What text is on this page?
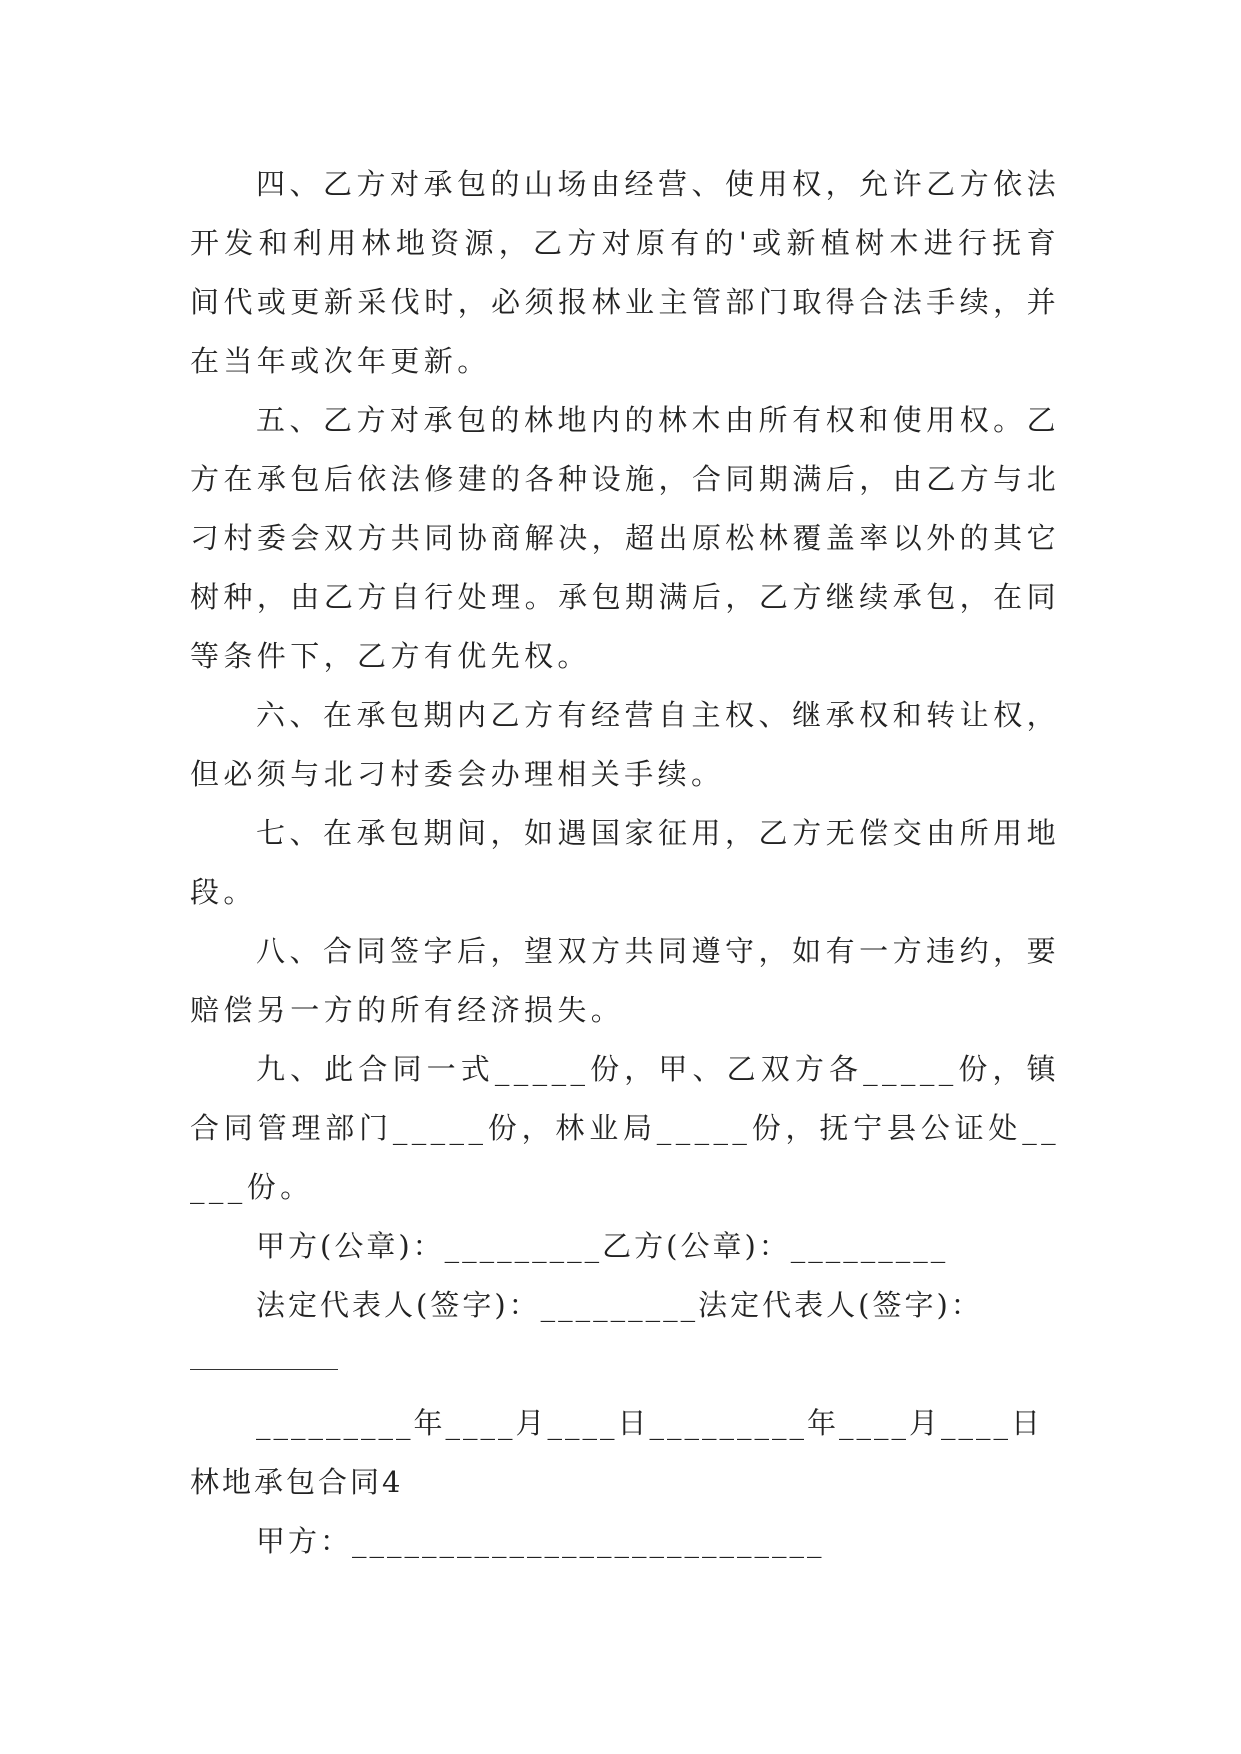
四、乙方对承包的山场由经营、使用权，允许乙方依法开发和利用林地资源，乙方对原有的'或新植树木进行抚育间代或更新采伐时，必须报林业主管部门取得合法手续，并在当年或次年更新。

五、乙方对承包的林地内的林木由所有权和使用权。乙方在承包后依法修建的各种设施，合同期满后，由乙方与北刁村委会双方共同协商解决，超出原松林覆盖率以外的其它树种，由乙方自行处理。承包期满后，乙方继续承包，在同等条件下，乙方有优先权。

六、在承包期内乙方有经营自主权、继承权和转让权，但必须与北刁村委会办理相关手续。

七、在承包期间，如遇国家征用，乙方无偿交由所用地段。

八、合同签字后，望双方共同遵守，如有一方违约，要赔偿另一方的所有经济损失。

九、此合同一式_____份，甲、乙双方各_____份，镇合同管理部门_____份，林业局_____份，抚宁县公证处_____份。

甲方(公章)：_________乙方(公章)：_________

法定代表人(签字)：_________法定代表人(签字)：

_________年____月____日_________年____月____日

林地承包合同4

甲方：___________________________
